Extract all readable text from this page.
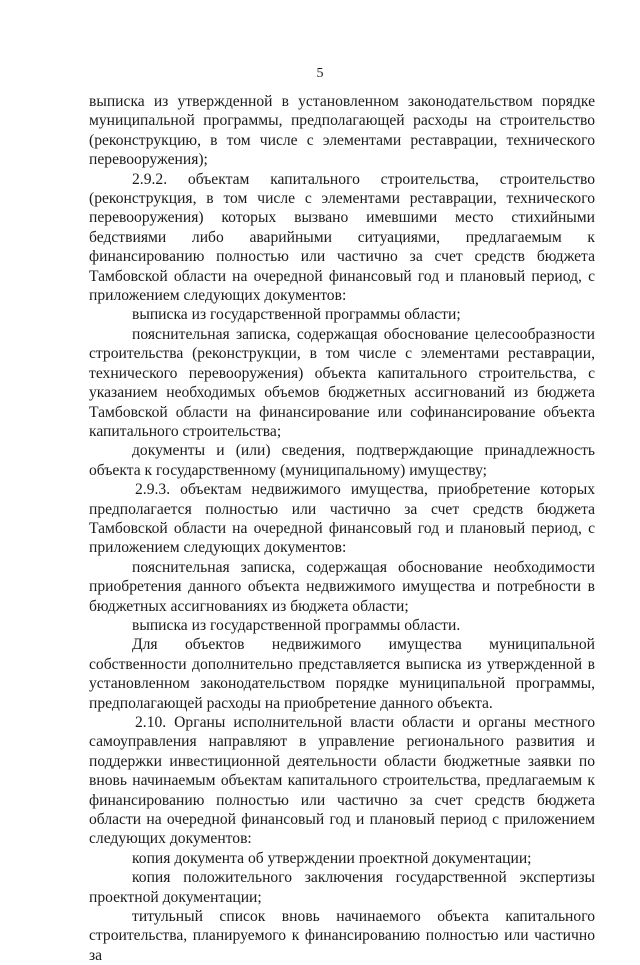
5

выписка из утвержденной в установленном законодательством порядке муниципальной программы, предполагающей расходы на строительство (реконструкцию, в том числе с элементами реставрации, технического перевооружения);

2.9.2. объектам капитального строительства, строительство (реконструкция, в том числе с элементами реставрации, технического перевооружения) которых вызвано имевшими место стихийными бедствиями либо аварийными ситуациями, предлагаемым к финансированию полностью или частично за счет средств бюджета Тамбовской области на очередной финансовый год и плановый период, с приложением следующих документов:

выписка из государственной программы области;

пояснительная записка, содержащая обоснование целесообразности строительства (реконструкции, в том числе с элементами реставрации, технического перевооружения) объекта капитального строительства, с указанием необходимых объемов бюджетных ассигнований из бюджета Тамбовской области на финансирование или софинансирование объекта капитального строительства;

документы и (или) сведения, подтверждающие принадлежность объекта к государственному (муниципальному) имуществу;

2.9.3. объектам недвижимого имущества, приобретение которых предполагается полностью или частично за счет средств бюджета Тамбовской области на очередной финансовый год и плановый период, с приложением следующих документов:

пояснительная записка, содержащая обоснование необходимости приобретения данного объекта недвижимого имущества и потребности в бюджетных ассигнованиях из бюджета области;

выписка из государственной программы области.

Для объектов недвижимого имущества муниципальной собственности дополнительно представляется выписка из утвержденной в установленном законодательством порядке муниципальной программы, предполагающей расходы на приобретение данного объекта.

2.10. Органы исполнительной власти области и органы местного самоуправления направляют в управление регионального развития и поддержки инвестиционной деятельности области бюджетные заявки по вновь начинаемым объектам капитального строительства, предлагаемым к финансированию полностью или частично за счет средств бюджета области на очередной финансовый год и плановый период с приложением следующих документов:

копия документа об утверждении проектной документации;

копия положительного заключения государственной экспертизы проектной документации;

титульный список вновь начинаемого объекта капитального строительства, планируемого к финансированию полностью или частично за
